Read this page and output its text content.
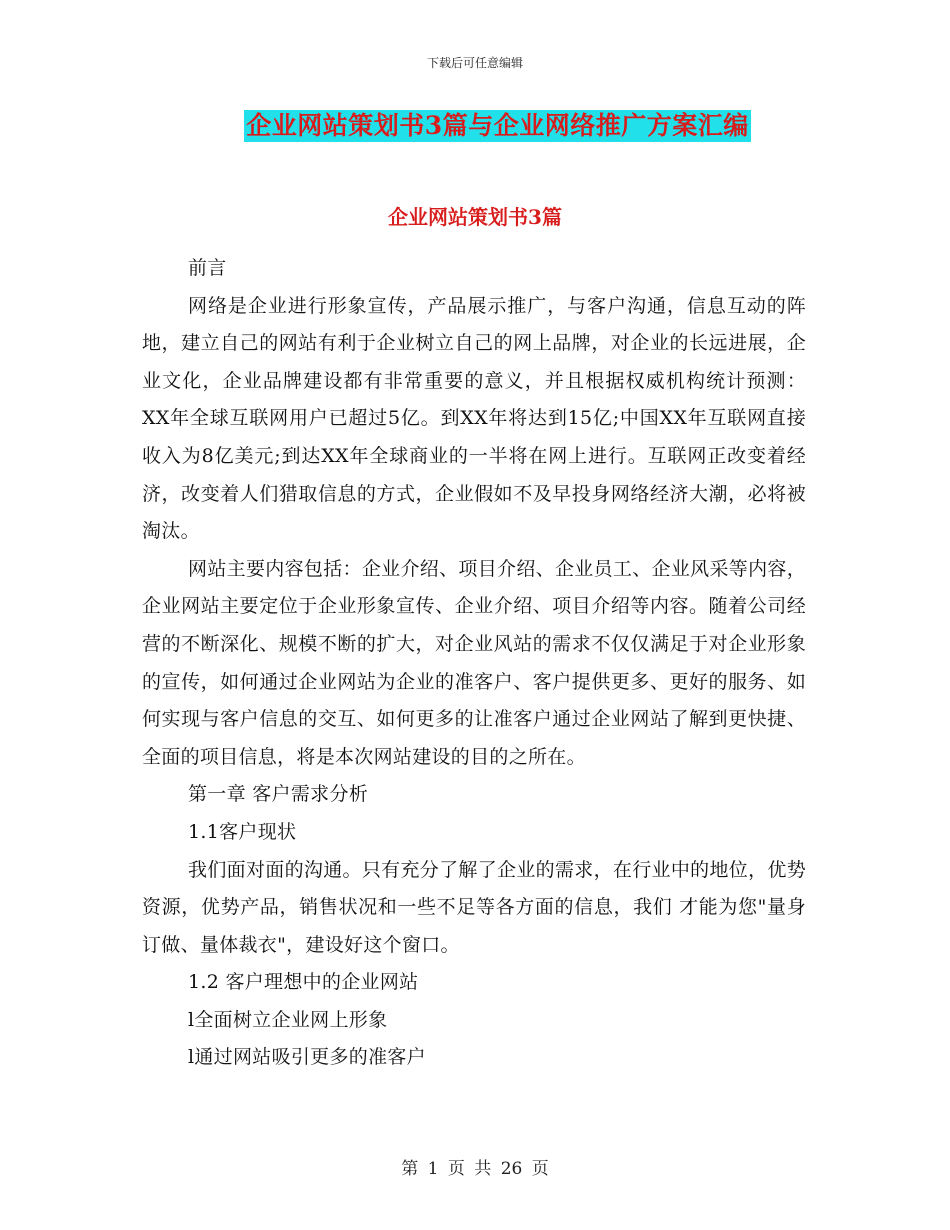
下载后可任意编辑
企业网站策划书3篇与企业网络推广方案汇编
企业网站策划书3篇

前言

网络是企业进行形象宣传，产品展示推广，与客户沟通，信息互动的阵地，建立自己的网站有利于企业树立自己的网上品牌，对企业的长远进展，企业文化，企业品牌建设都有非常重要的意义，并且根据权威机构统计预测：XX年全球互联网用户已超过5亿。到XX年将达到15亿;中国XX年互联网直接收入为8亿美元;到达XX年全球商业的一半将在网上进行。互联网正改变着经济，改变着人们猎取信息的方式，企业假如不及早投身网络经济大潮，必将被淘汰。

网站主要内容包括：企业介绍、项目介绍、企业员工、企业风采等内容，企业网站主要定位于企业形象宣传、企业介绍、项目介绍等内容。随着公司经营的不断深化、规模不断的扩大，对企业风站的需求不仅仅满足于对企业形象的宣传，如何通过企业网站为企业的准客户、客户提供更多、更好的服务、如何实现与客户信息的交互、如何更多的让准客户通过企业网站了解到更快捷、全面的项目信息，将是本次网站建设的目的之所在。

第一章 客户需求分析

1.1客户现状

我们面对面的沟通。只有充分了解了企业的需求，在行业中的地位，优势资源，优势产品，销售状况和一些不足等各方面的信息，我们 才能为您"量身订做、量体裁衣"，建设好这个窗口。

1.2 客户理想中的企业网站

l全面树立企业网上形象

l通过网站吸引更多的准客户

第 1 页 共 26 页
